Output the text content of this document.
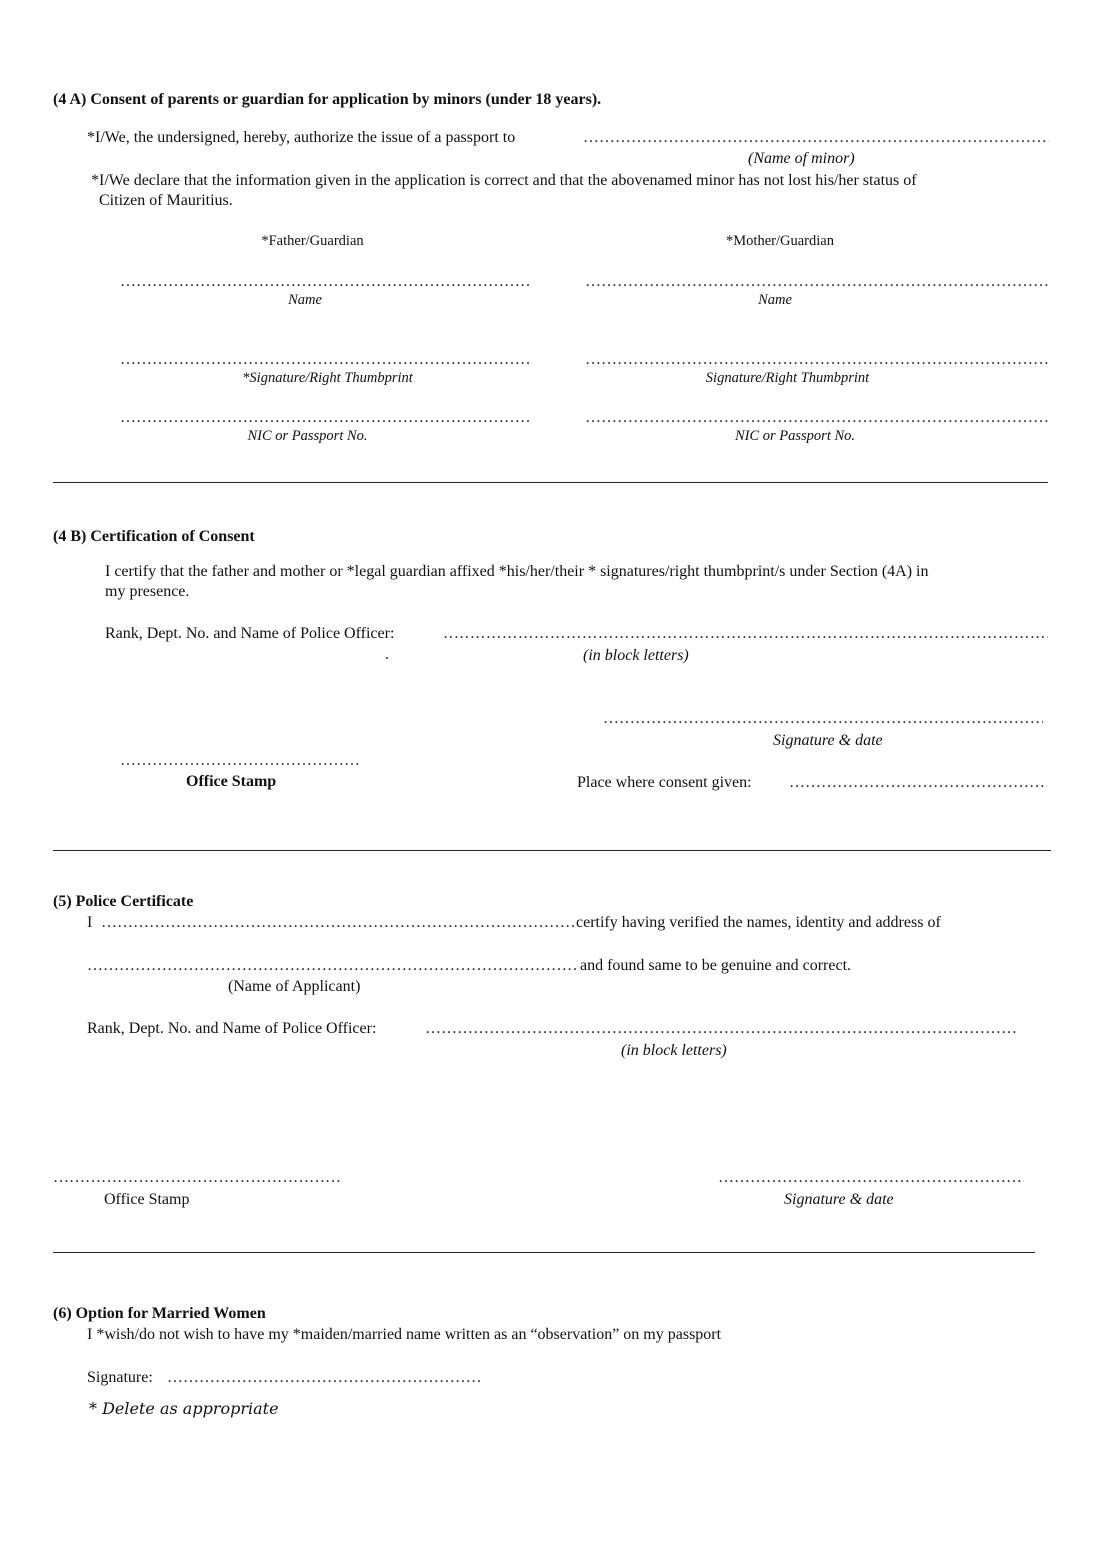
(4 A) Consent of parents or guardian for application by minors (under 18 years).
*I/We, the undersigned, hereby, authorize the issue of a passport to
……………………………………………………………………………………………………………………………………………………………………………………………………………………………………………………………………………………………………
(Name of minor)
*I/We declare that the information given in the application is correct and that the abovenamed minor has not lost his/her status of
Citizen of Mauritius.
*Father/Guardian	*Mother/Guardian
……………………………………………………………………………………………………………………………………………………………………………………………………………………………………………………………………………………………………
……………………………………………………………………………………………………………………………………………………………………………………………………………………………………………………………………………………………………
Name	Name
……………………………………………………………………………………………………………………………………………………………………………………………………………………………………………………………………………………………………
……………………………………………………………………………………………………………………………………………………………………………………………………………………………………………………………………………………………………
*Signature/Right Thumbprint	Signature/Right Thumbprint
……………………………………………………………………………………………………………………………………………………………………………………………………………………………………………………………………………………………………
……………………………………………………………………………………………………………………………………………………………………………………………………………………………………………………………………………………………………
NIC or Passport No.	NIC or Passport No.
(4 B) Certification of Consent
I certify that the father and mother or *legal guardian affixed *his/her/their * signatures/right thumbprint/s under Section (4A) in
my presence.
Rank, Dept. No. and Name of Police Officer:
……………………………………………………………………………………………………………………………………………………………………………………………………………………………………………………………………………………………………
.	(in block letters)
……………………………………………………………………………………………………………………………………………………………………………………………………………………………………………………………………………………………………
Signature & date
……………………………………………………………………………………………………………………………………………………………………………………………………………………………………………………………………………………………………
Office Stamp	Place where consent given:
……………………………………………………………………………………………………………………………………………………………………………………………………………………………………………………………………………………………………
(5) Police Certificate
I
……………………………………………………………………………………………………………………………………………………………………………………………………………………………………………………………………………………………………	certify having verified the names, identity and address of
……………………………………………………………………………………………………………………………………………………………………………………………………………………………………………………………………………………………………
and found same to be genuine and correct.
(Name of Applicant)
Rank, Dept. No. and Name of Police Officer:
……………………………………………………………………………………………………………………………………………………………………………………………………………………………………………………………………………………………………
(in block letters)
……………………………………………………………………………………………………………………………………………………………………………………………………………………………………………………………………………………………………
……………………………………………………………………………………………………………………………………………………………………………………………………………………………………………………………………………………………………
Office Stamp	Signature & date
(6) Option for Married Women
I *wish/do not wish to have my *maiden/married name written as an “observation” on my passport
Signature:
……………………………………………………………………………………………………………………………………………………………………………………………………………………………………………………………………………………………………
* Delete as appropriate
